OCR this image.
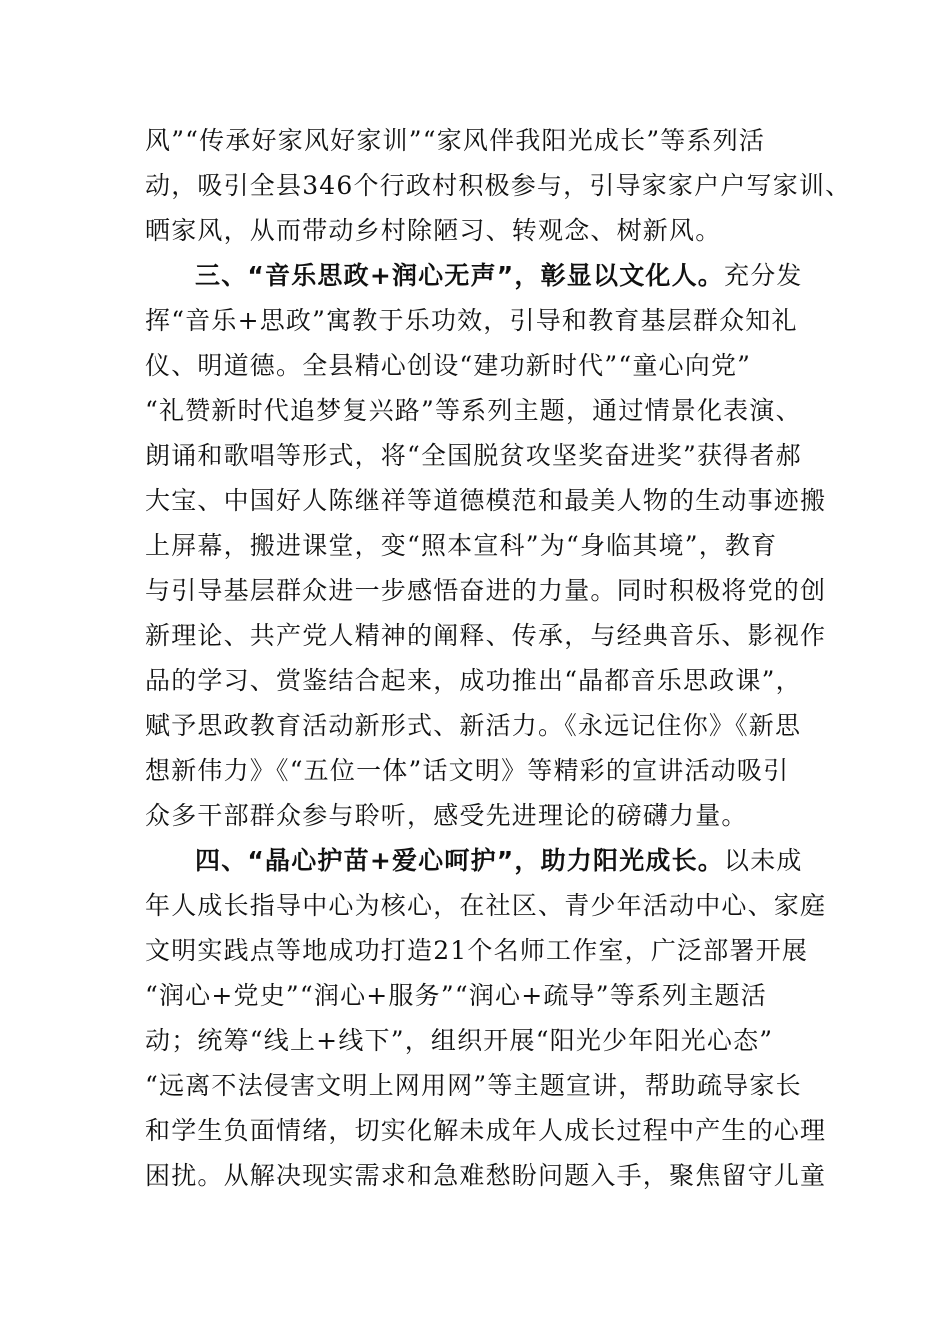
风”“传承好家风好家训”“家风伴我阳光成长”等系列活
动，吸引全县346个行政村积极参与，引导家家户户写家训、
晒家风，从而带动乡村除陋习、转观念、树新风。
三、“音乐思政+润心无声”，彰显以文化人。充分发
挥“音乐+思政”寓教于乐功效，引导和教育基层群众知礼
仪、明道德。全县精心创设“建功新时代”“童心向党”
“礼赞新时代追梦复兴路”等系列主题，通过情景化表演、
朗诵和歌唱等形式，将“全国脱贫攻坚奖奋进奖”获得者郝
大宝、中国好人陈继祥等道德模范和最美人物的生动事迹搬
上屏幕，搬进课堂，变“照本宣科”为“身临其境”，教育
与引导基层群众进一步感悟奋进的力量。同时积极将党的创
新理论、共产党人精神的阐释、传承，与经典音乐、影视作
品的学习、赏鉴结合起来，成功推出“晶都音乐思政课”，
赋予思政教育活动新形式、新活力。《永远记住你》《新思
想新伟力》《“五位一体”话文明》等精彩的宣讲活动吸引
众多干部群众参与聆听，感受先进理论的磅礴力量。
四、“晶心护苗+爱心呵护”，助力阳光成长。以未成
年人成长指导中心为核心，在社区、青少年活动中心、家庭
文明实践点等地成功打造21个名师工作室，广泛部署开展
“润心+党史”“润心+服务”“润心+疏导”等系列主题活
动；统筹“线上+线下”，组织开展“阳光少年阳光心态”
“远离不法侵害文明上网用网”等主题宣讲，帮助疏导家长
和学生负面情绪，切实化解未成年人成长过程中产生的心理
困扰。从解决现实需求和急难愁盼问题入手，聚焦留守儿童
